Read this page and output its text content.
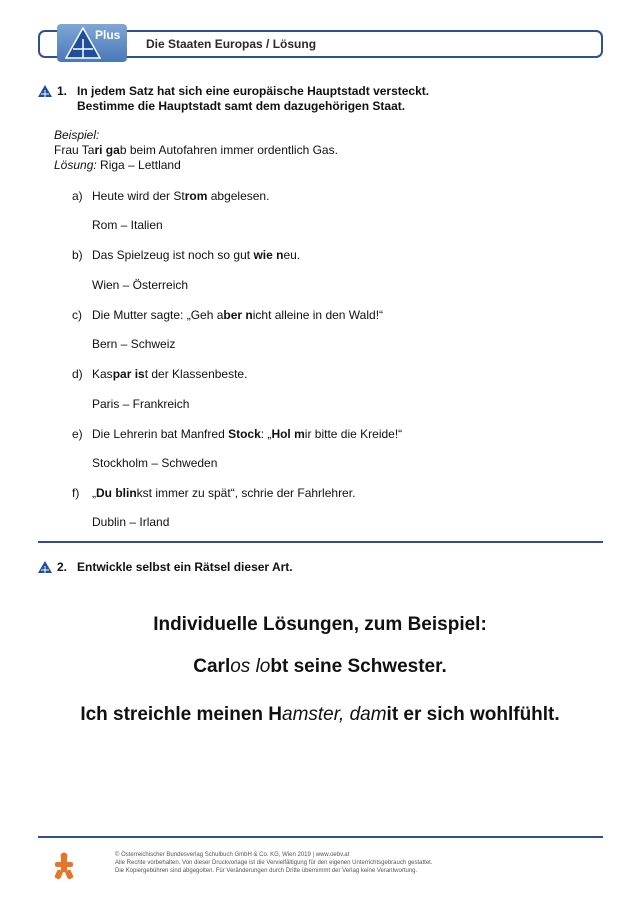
Plus
Die Staaten Europas / Lösung
1. In jedem Satz hat sich eine europäische Hauptstadt versteckt.
Bestimme die Hauptstadt samt dem dazugehörigen Staat.
Beispiel:
Frau Tari gab beim Autofahren immer ordentlich Gas.
Lösung: Riga – Lettland
a) Heute wird der Strom abgelesen.
Rom – Italien
b) Das Spielzeug ist noch so gut wie neu.
Wien – Österreich
c) Die Mutter sagte: „Geh aber nicht alleine in den Wald!“
Bern – Schweiz
d) Kaspar ist der Klassenbeste.
Paris – Frankreich
e) Die Lehrerin bat Manfred Stock: „Hol mir bitte die Kreide!“
Stockholm – Schweden
f) „Du blinkst immer zu spät“, schrie der Fahrlehrer.
Dublin – Irland
2. Entwickle selbst ein Rätsel dieser Art.
Individuelle Lösungen, zum Beispiel:
Carlos lobt seine Schwester.
Ich streichle meinen Hamster, damit er sich wohlfühlt.
© Österreichischer Bundesverlag Schulbuch GmbH & Co. KG, Wien 2019 | www.oebv.at
Alle Rechte vorbehalten. Von dieser Druckvorlage ist die Vervielfältigung für den eigenen Unterrichtsgebrauch gestattet.
Die Kopiergebühren sind abgegolten. Für Veränderungen durch Dritte übernimmt der Verlag keine Verantwortung.
